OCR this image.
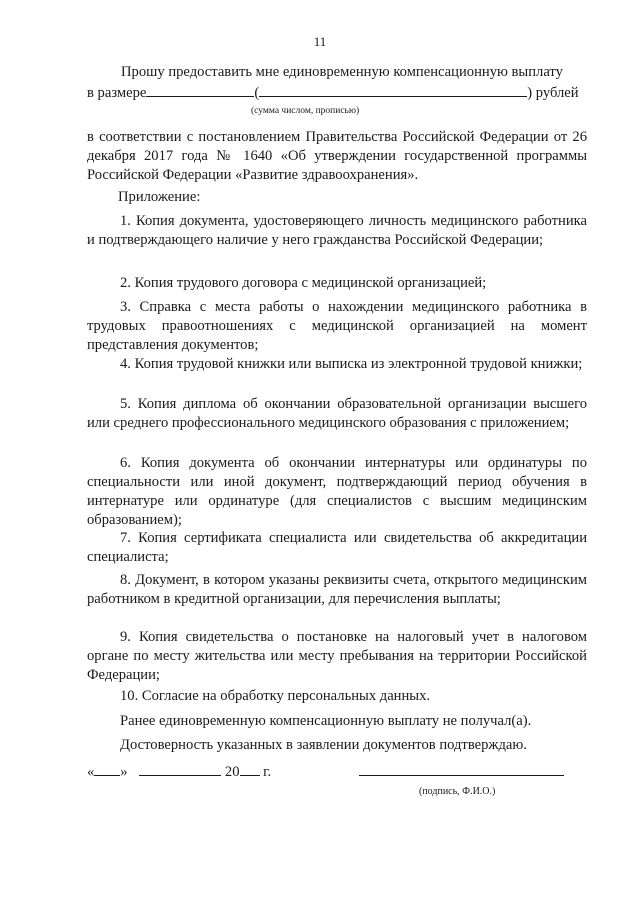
11
Прошу предоставить мне единовременную компенсационную выплату
в размере	(	) рублей
(сумма числом, прописью)
в соответствии с постановлением Правительства Российской Федерации от 26 декабря 2017 года № 1640 «Об утверждении государственной программы Российской Федерации «Развитие здравоохранения».
Приложение:
1. Копия документа, удостоверяющего личность медицинского работника и подтверждающего наличие у него гражданства Российской Федерации;
2. Копия трудового договора с медицинской организацией;
3. Справка с места работы о нахождении медицинского работника в трудовых правоотношениях с медицинской организацией на момент представления документов;
4. Копия трудовой книжки или выписка из электронной трудовой книжки;
5. Копия диплома об окончании образовательной организации высшего или среднего профессионального медицинского образования с приложением;
6. Копия документа об окончании интернатуры или ординатуры по специальности или иной документ, подтверждающий период обучения в интернатуре или ординатуре (для специалистов с высшим медицинским образованием);
7. Копия сертификата специалиста или свидетельства об аккредитации специалиста;
8. Документ, в котором указаны реквизиты счета, открытого медицинским работником в кредитной организации, для перечисления выплаты;
9. Копия свидетельства о постановке на налоговый учет в налоговом органе по месту жительства или месту пребывания на территории Российской Федерации;
10. Согласие на обработку персональных данных.
Ранее единовременную компенсационную выплату не получал(а).
Достоверность указанных в заявлении документов подтверждаю.
« »	20 г.
(подпись, Ф.И.О.)
